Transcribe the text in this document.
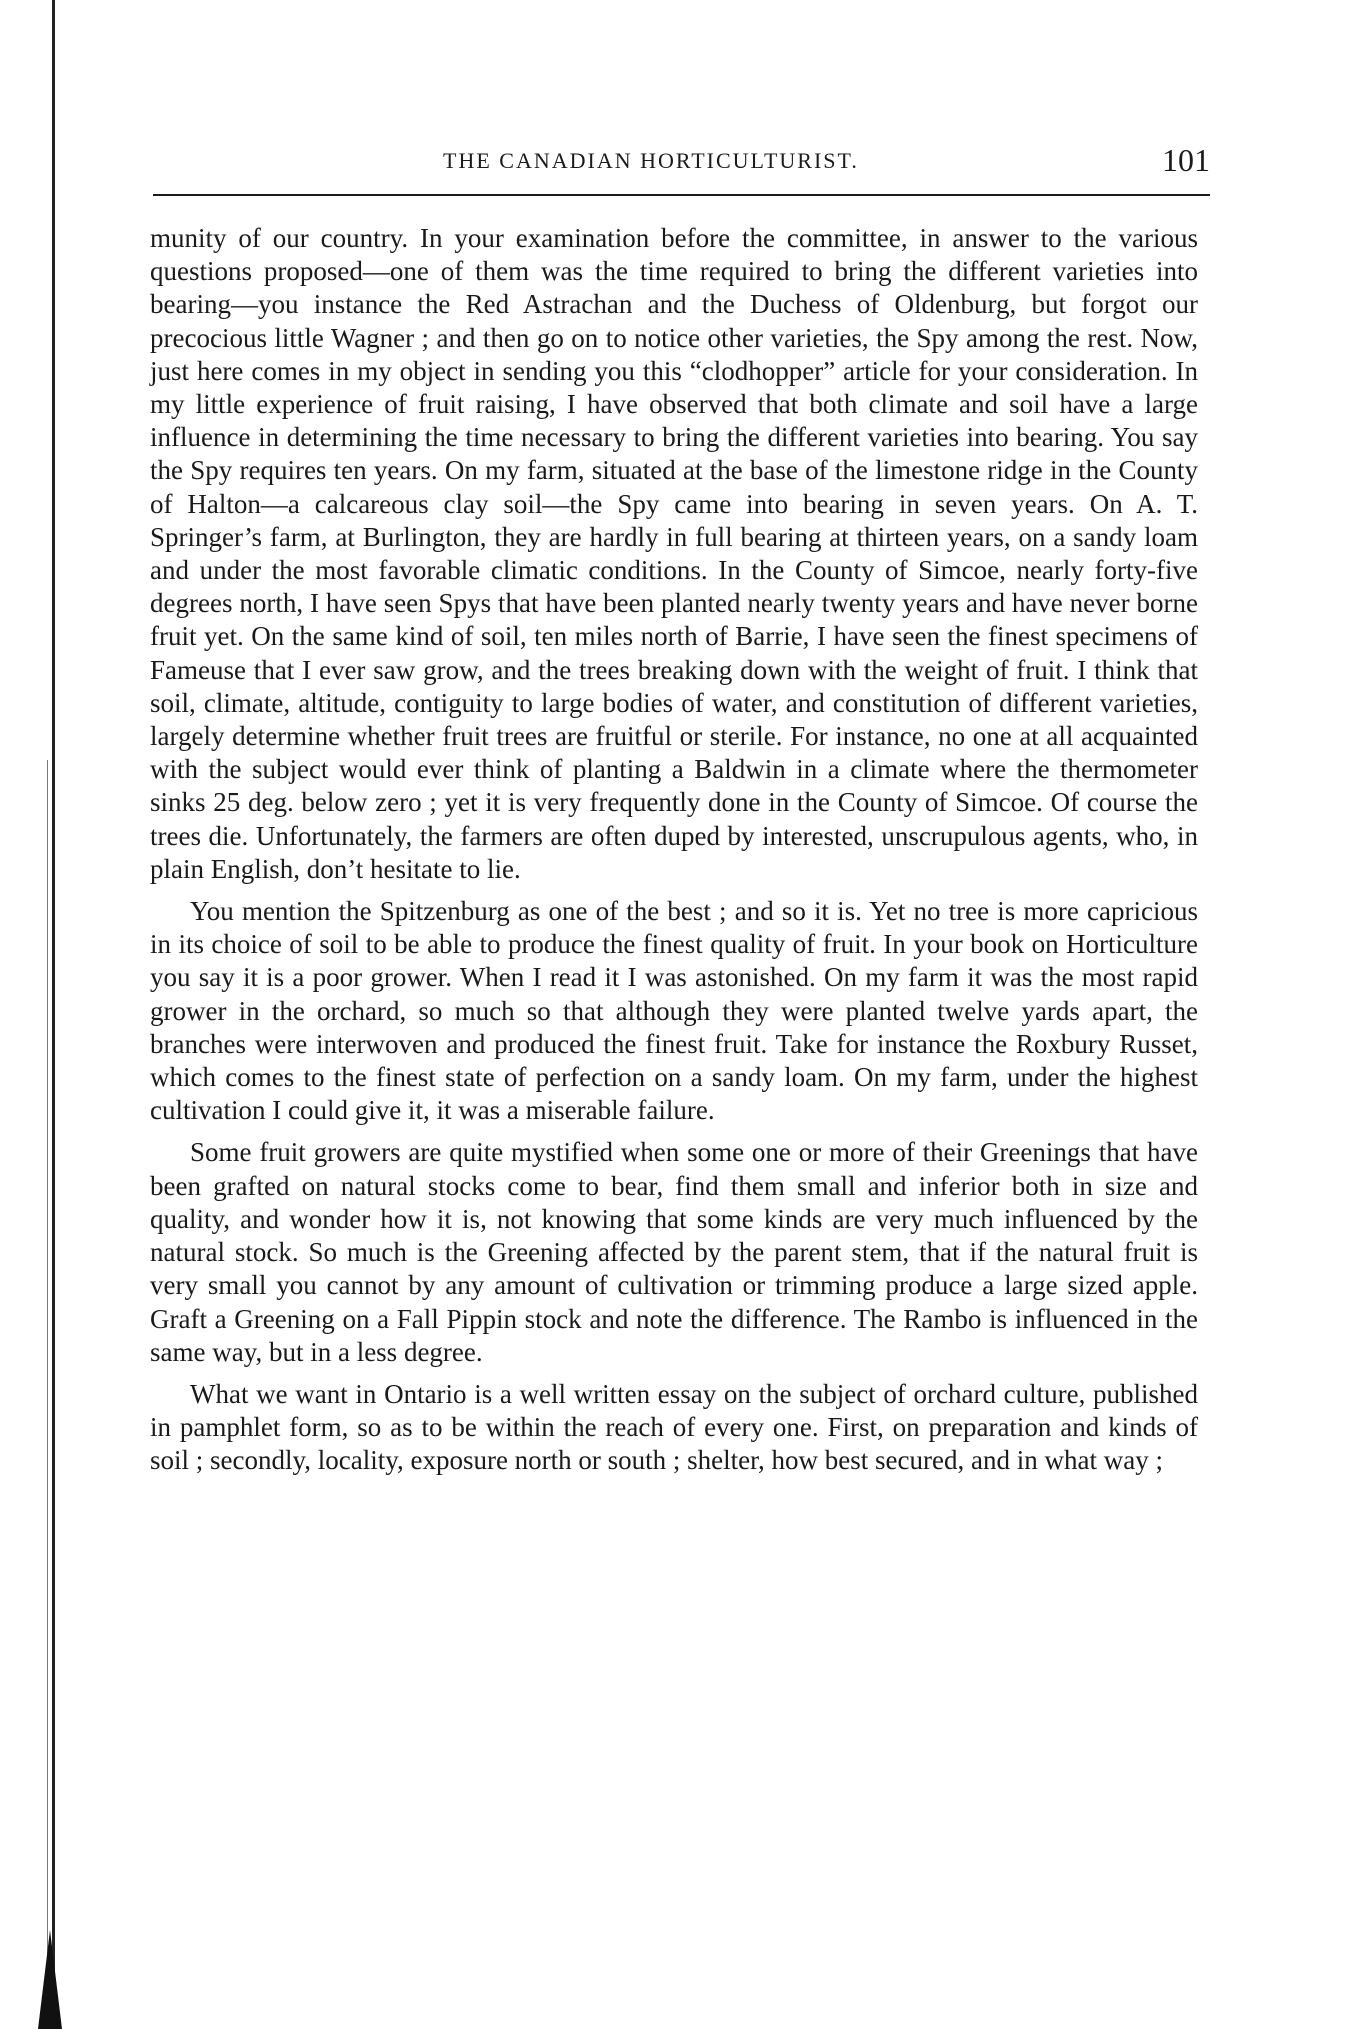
THE CANADIAN HORTICULTURIST.	101

munity of our country. In your examination before the committee, in answer to the various questions proposed—one of them was the time required to bring the different varieties into bearing—you instance the Red Astrachan and the Duchess of Oldenburg, but forgot our precocious little Wagner ; and then go on to notice other varieties, the Spy among the rest. Now, just here comes in my object in sending you this “clodhopper” article for your consideration. In my little experience of fruit raising, I have observed that both climate and soil have a large influence in determining the time necessary to bring the different varieties into bearing. You say the Spy requires ten years. On my farm, situated at the base of the limestone ridge in the County of Halton—a calcareous clay soil—the Spy came into bearing in seven years. On A. T. Springer’s farm, at Burlington, they are hardly in full bearing at thirteen years, on a sandy loam and under the most favorable climatic conditions. In the County of Simcoe, nearly forty-five degrees north, I have seen Spys that have been planted nearly twenty years and have never borne fruit yet. On the same kind of soil, ten miles north of Barrie, I have seen the finest specimens of Fameuse that I ever saw grow, and the trees breaking down with the weight of fruit. I think that soil, climate, altitude, contiguity to large bodies of water, and constitution of different varieties, largely determine whether fruit trees are fruitful or sterile. For instance, no one at all acquainted with the subject would ever think of planting a Baldwin in a climate where the thermometer sinks 25 deg. below zero ; yet it is very frequently done in the County of Simcoe. Of course the trees die. Unfortunately, the farmers are often duped by interested, unscrupulous agents, who, in plain English, don’t hesitate to lie.

You mention the Spitzenburg as one of the best ; and so it is. Yet no tree is more capricious in its choice of soil to be able to produce the finest quality of fruit. In your book on Horticulture you say it is a poor grower. When I read it I was astonished. On my farm it was the most rapid grower in the orchard, so much so that although they were planted twelve yards apart, the branches were interwoven and produced the finest fruit. Take for instance the Roxbury Russet, which comes to the finest state of perfection on a sandy loam. On my farm, under the highest cultivation I could give it, it was a miserable failure.

Some fruit growers are quite mystified when some one or more of their Greenings that have been grafted on natural stocks come to bear, find them small and inferior both in size and quality, and wonder how it is, not knowing that some kinds are very much influenced by the natural stock. So much is the Greening affected by the parent stem, that if the natural fruit is very small you cannot by any amount of cultivation or trimming produce a large sized apple. Graft a Greening on a Fall Pippin stock and note the difference. The Rambo is influenced in the same way, but in a less degree.

What we want in Ontario is a well written essay on the subject of orchard culture, published in pamphlet form, so as to be within the reach of every one. First, on preparation and kinds of soil ; secondly, locality, exposure north or south ; shelter, how best secured, and in what way ;
